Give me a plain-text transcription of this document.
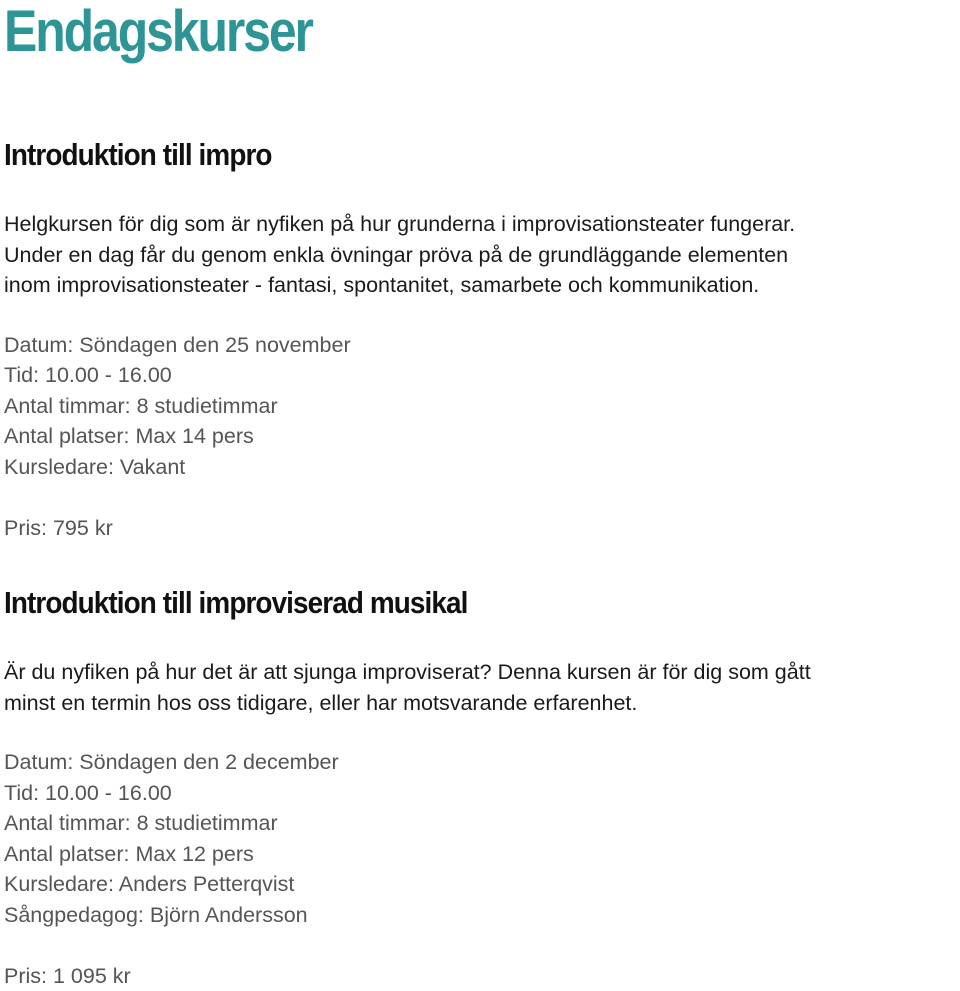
Endagskurser
Introduktion till impro

Helgkursen för dig som är nyfiken på hur grunderna i improvisationsteater fungerar.
Under en dag får du genom enkla övningar pröva på de grundläggande elementen
inom improvisationsteater - fantasi, spontanitet, samarbete och kommunikation.

Datum: Söndagen den 25 november
Tid: 10.00 - 16.00
Antal timmar: 8 studietimmar
Antal platser: Max 14 pers
Kursledare: Vakant

Pris: 795 kr

Introduktion till improviserad musikal

Är du nyfiken på hur det är att sjunga improviserat? Denna kursen är för dig som gått
minst en termin hos oss tidigare, eller har motsvarande erfarenhet.

Datum: Söndagen den 2 december
Tid: 10.00 - 16.00
Antal timmar: 8 studietimmar
Antal platser: Max 12 pers
Kursledare: Anders Petterqvist
Sångpedagog: Björn Andersson

Pris: 1 095 kr
